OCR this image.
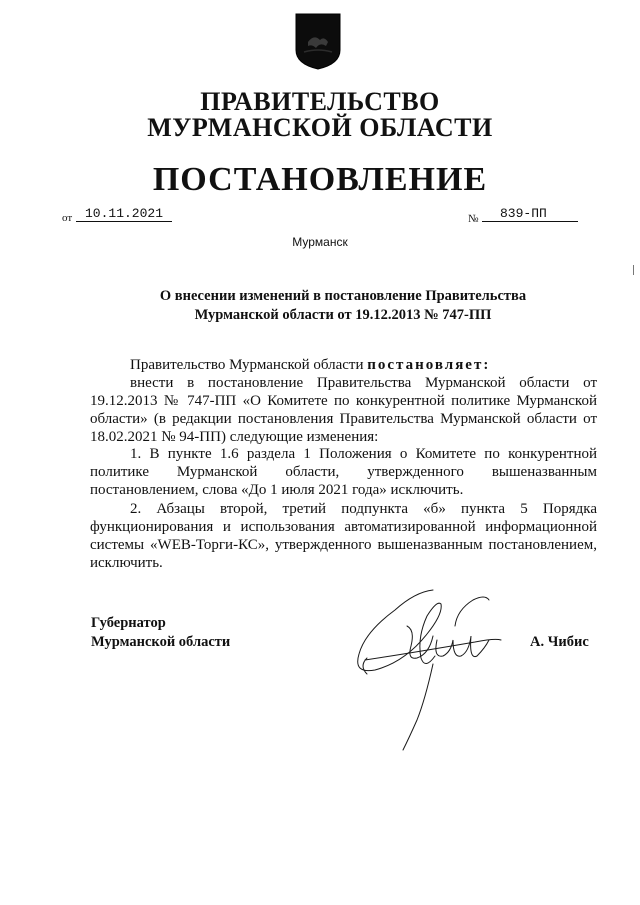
ПРАВИТЕЛЬСТВО
МУРМАНСКОЙ ОБЛАСТИ
ПОСТАНОВЛЕНИЕ
от 10.11.2021	№	839-ПП
Мурманск
О внесении изменений в постановление Правительства
Мурманской области от 19.12.2013 № 747-ПП
Правительство Мурманской области постановляет:
внести в постановление Правительства Мурманской области от 19.12.2013 № 747-ПП «О Комитете по конкурентной политике Мурманской области» (в редакции постановления Правительства Мурманской области от 18.02.2021 № 94-ПП) следующие изменения:
1. В пункте 1.6 раздела 1 Положения о Комитете по конкурентной политике Мурманской области, утвержденного вышеназванным постановлением, слова «До 1 июля 2021 года» исключить.
2. Абзацы второй, третий подпункта «б» пункта 5 Порядка функционирования и использования автоматизированной информационной системы «WEB-Торги-КС», утвержденного вышеназванным постановлением, исключить.
Губернатор
Мурманской области	А. Чибис
